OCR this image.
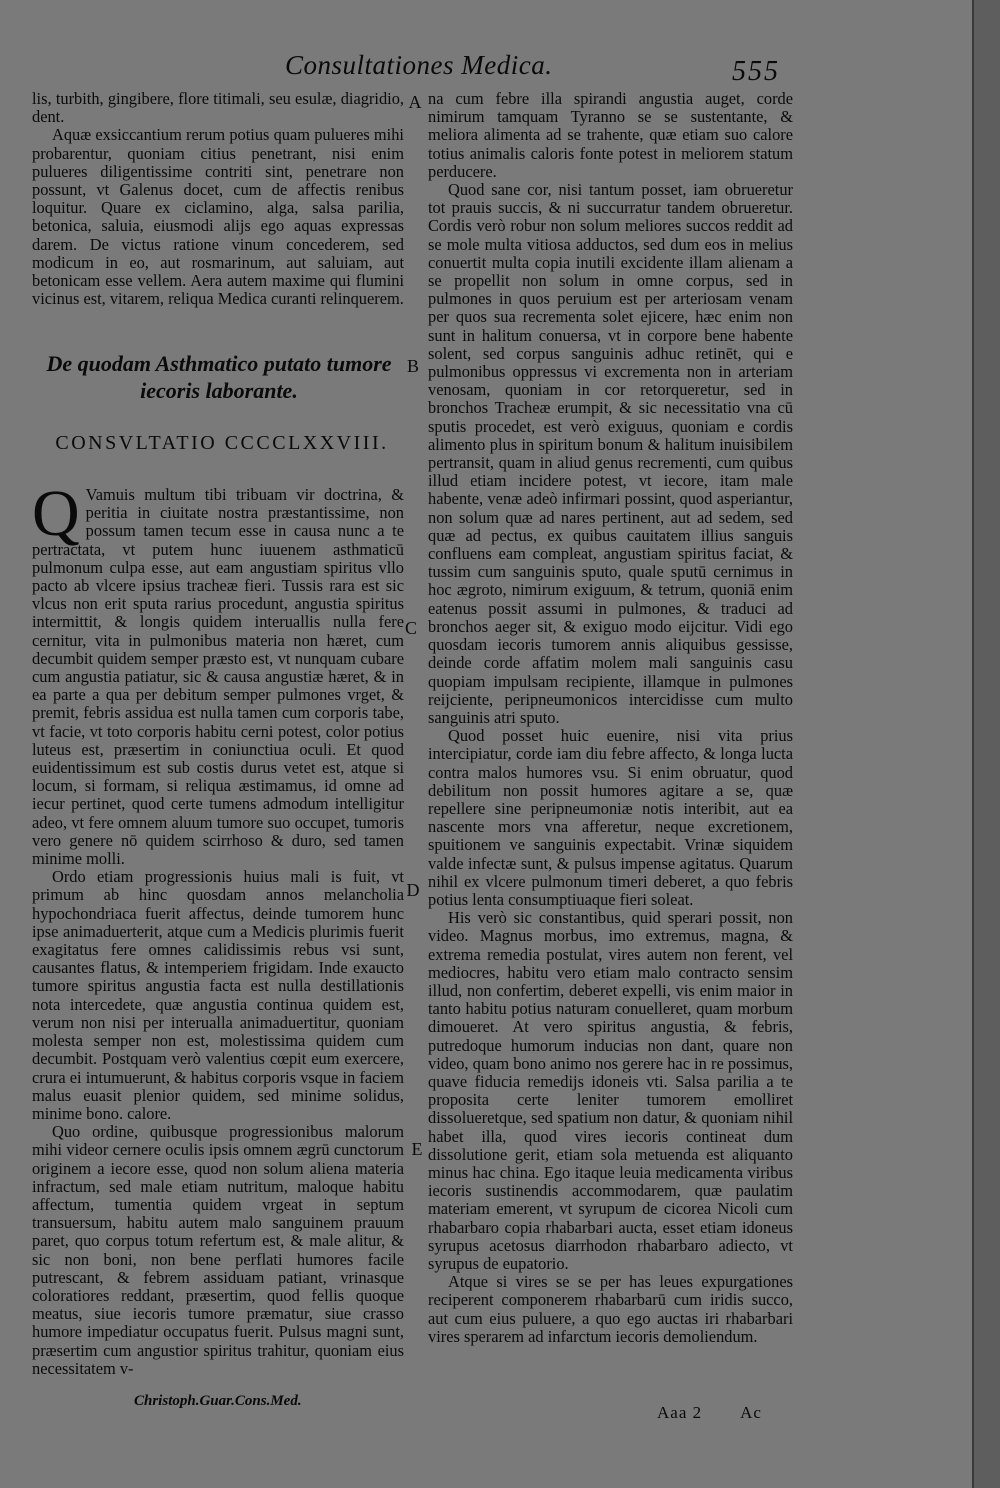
Consultationes Medica.	555

lis, turbith, gingibere, flore titimali, seu esulæ, diagridio, dent.

Aquæ exsiccantium rerum potius quam pulueres mihi probarentur, quoniam citius penetrant, nisi enim pulueres diligentissime contriti sint, penetrare non possunt, vt Galenus docet, cum de affectis renibus loquitur. Quare ex ciclamino, alga, salsa parilia, betonica, saluia, eiusmodi alijs ego aquas expressas darem. De victus ratione vinum concederem, sed modicum in eo, aut rosmarinum, aut saluiam, aut betonicam esse vellem. Aera autem maxime qui flumini vicinus est, vitarem, reliqua Medica curanti relinquerem.

De quodam Asthmatico putato tumore iecoris laborante.
CONSVLTATIO CCCCLXXVIII.

Q Vamuis multum tibi tribuam vir doctrina, & peritia in ciuitate nostra præstantissime, non possum tamen tecum esse in causa nunc a te pertractata, vt putem hunc iuuenem asthmaticū pulmonum culpa esse, aut eam angustiam spiritus vllo pacto ab vlcere ipsius tracheæ fieri. Tussis rara est sic vlcus non erit sputa rarius procedunt, angustia spiritus intermittit, & longis quidem interuallis nulla fere cernitur, vita in pulmonibus materia non hæret, cum decumbit quidem semper præsto est, vt nunquam cubare cum angustia patiatur, sic & causa angustiæ hæret, & in ea parte a qua per debitum semper pulmones vrget, & premit, febris assidua est nulla tamen cum corporis tabe, vt facie, vt toto corporis habitu cerni potest, color potius luteus est, præsertim in coniunctiua oculi. Et quod euidentissimum est sub costis durus vetet est, atque si locum, si formam, si reliqua æstimamus, id omne ad iecur pertinet, quod certe tumens admodum intelligitur adeo, vt fere omnem aluum tumore suo occupet, tumoris vero genere nō quidem scirrhoso & duro, sed tamen minime molli.

Ordo etiam progressionis huius mali is fuit, vt primum ab hinc quosdam annos melancholia hypochondriaca fuerit affectus, deinde tumorem hunc ipse animaduerterit, atque cum a Medicis plurimis fuerit exagitatus fere omnes calidissimis rebus vsi sunt, causantes flatus, & intemperiem frigidam. Inde exaucto tumore spiritus angustia facta est nulla destillationis nota intercedete, quæ angustia continua quidem est, verum non nisi per interualla animaduertitur, quoniam molesta semper non est, molestissima quidem cum decumbit. Postquam verò valentius cœpit eum exercere, crura ei intumuerunt, & habitus corporis vsque in faciem malus euasit plenior quidem, sed minime solidus, minime bono. calore.

Quo ordine, quibusque progressionibus malorum mihi videor cernere oculis ipsis omnem ægrū cunctorum originem a iecore esse, quod non solum aliena materia infractum, sed male etiam nutritum, maloque habitu affectum, tumentia quidem vrgeat in septum transuersum, habitu autem malo sanguinem prauum paret, quo corpus totum refertum est, & male alitur, & sic non boni, non bene perflati humores facile putrescant, & febrem assiduam patiant, vrinasque coloratiores reddant, præsertim, quod fellis quoque meatus, siue iecoris tumore præmatur, siue crasso humore impediatur occupatus fuerit. Pulsus magni sunt, præsertim cum angustior spiritus trahitur, quoniam eius necessitatem v-

Christoph.Guar.Cons.Med.

na cum febre illa spirandi angustia auget, corde nimirum tamquam Tyranno se se sustentante, & meliora alimenta ad se trahente, quæ etiam suo calore totius animalis caloris fonte potest in meliorem statum perducere.

Quod sane cor, nisi tantum posset, iam obrueretur tot prauis succis, & ni succurratur tandem obrueretur. Cordis verò robur non solum meliores succos reddit ad se mole multa vitiosa adductos, sed dum eos in melius conuertit multa copia inutili excidente illam alienam a se propellit non solum in omne corpus, sed in pulmones in quos peruium est per arteriosam venam per quos sua recrementa solet ejicere, hæc enim non sunt in halitum conuersa, vt in corpore bene habente solent, sed corpus sanguinis adhuc retinēt, qui e pulmonibus oppressus vi excrementa non in arteriam venosam, quoniam in cor retorqueretur, sed in bronchos Tracheæ erumpit, & sic necessitatio vna cū sputis procedet, est verò exiguus, quoniam e cordis alimento plus in spiritum bonum & halitum inuisibilem pertransit, quam in aliud genus recrementi, cum quibus illud etiam incidere potest, vt iecore, itam male habente, venæ adeò infirmari possint, quod asperiantur, non solum quæ ad nares pertinent, aut ad sedem, sed quæ ad pectus, ex quibus cauitatem illius sanguis confluens eam compleat, angustiam spiritus faciat, & tussim cum sanguinis sputo, quale sputū cernimus in hoc ægroto, nimirum exiguum, & tetrum, quoniā enim eatenus possit assumi in pulmones, & traduci ad bronchos aeger sit, & exiguo modo eijcitur. Vidi ego quosdam iecoris tumorem annis aliquibus gessisse, deinde corde affatim molem mali sanguinis casu quopiam impulsam recipiente, illamque in pulmones reijciente, peripneumonicos intercidisse cum multo sanguinis atri sputo.

Quod posset huic euenire, nisi vita prius intercipiatur, corde iam diu febre affecto, & longa lucta contra malos humores vsu. Si enim obruatur, quod debilitum non possit humores agitare a se, quæ repellere sine peripneumoniæ notis interibit, aut ea nascente mors vna afferetur, neque excretionem, spuitionem ve sanguinis expectabit. Vrinæ siquidem valde infectæ sunt, & pulsus impense agitatus. Quarum nihil ex vlcere pulmonum timeri deberet, a quo febris potius lenta consumptiuaque fieri soleat.

His verò sic constantibus, quid sperari possit, non video. Magnus morbus, imo extremus, magna, & extrema remedia postulat, vires autem non ferent, vel mediocres, habitu vero etiam malo contracto sensim illud, non confertim, deberet expelli, vis enim maior in tanto habitu potius naturam conuelleret, quam morbum dimoueret. At vero spiritus angustia, & febris, putredoque humorum inducias non dant, quare non video, quam bono animo nos gerere hac in re possimus, quave fiducia remedijs idoneis vti. Salsa parilia a te proposita certe leniter tumorem emolliret dissolueretque, sed spatium non datur, & quoniam nihil habet illa, quod vires iecoris contineat dum dissolutione gerit, etiam sola metuenda est aliquanto minus hac china. Ego itaque leuia medicamenta viribus iecoris sustinendis accommodarem, quæ paulatim materiam emerent, vt syrupum de cicorea Nicoli cum rhabarbaro copia rhabarbari aucta, esset etiam idoneus syrupus acetosus diarrhodon rhabarbaro adiecto, vt syrupus de eupatorio.

Atque si vires se se per has leues expurgationes reciperent componerem rhabarbarū cum iridis succo, aut cum eius puluere, a quo ego auctas iri rhabarbari vires sperarem ad infarctum iecoris demoliendum.

A
B
C
D
E
Aaa 2 Ac
